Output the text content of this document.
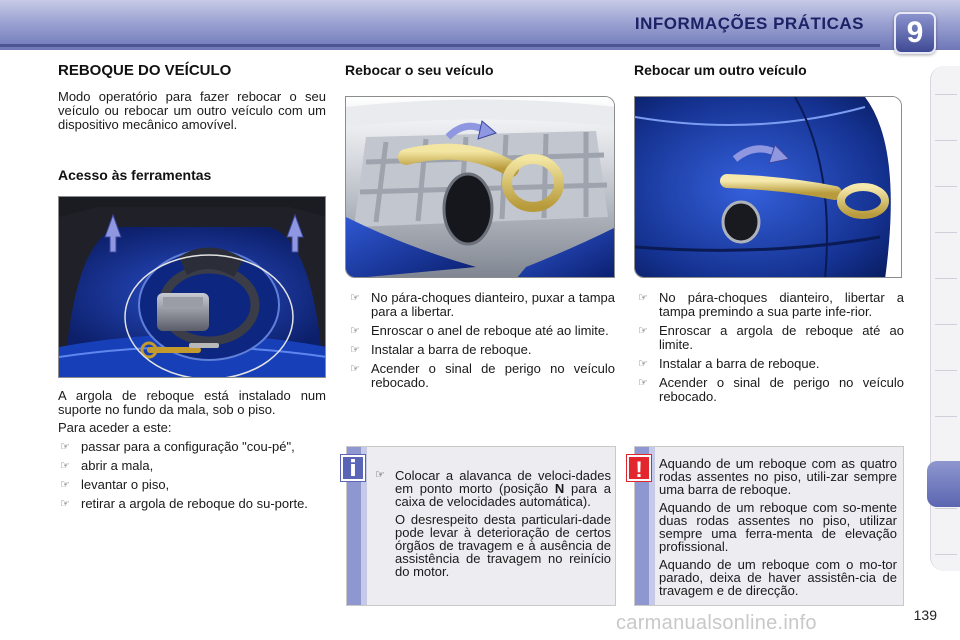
INFORMAÇÕES PRÁTICAS	9
REBOQUE DO VEÍCULO

Modo operatório para fazer rebocar o seu veículo ou rebocar um outro veículo com um dispositivo mecânico amovível.

Acesso às ferramentas

A argola de reboque está instalado num suporte no fundo da mala, sob o piso.

Para aceder a este:

☞ passar para a configuração "cou-pé",
☞ abrir a mala,
☞ levantar o piso,
☞ retirar a argola de reboque do su-porte.
Rebocar o seu veículo
☞ No pára-choques dianteiro, puxar a tampa para a libertar.
☞ Enroscar o anel de reboque até ao limite.
☞ Instalar a barra de reboque.
☞ Acender o sinal de perigo no veículo rebocado.

☞ Colocar a alavanca de veloci-dades em ponto morto (posição N para a caixa de velocidades automática).

O desrespeito desta particulari-dade pode levar à deterioração de certos órgãos de travagem e à ausência de assistência de travagem no reinício do motor.

i
Rebocar um outro veículo
☞ No pára-choques dianteiro, libertar a tampa premindo a sua parte infe-rior.
☞ Enroscar a argola de reboque até ao limite.
☞ Instalar a barra de reboque.
☞ Acender o sinal de perigo no veículo rebocado.

Aquando de um reboque com as quatro rodas assentes no piso, utili-zar sempre uma barra de reboque.

Aquando de um reboque com so-mente duas rodas assentes no piso, utilizar sempre uma ferra-menta de elevação profissional.

Aquando de um reboque com o mo-tor parado, deixa de haver assistên-cia de travagem e de direcção.

!
139
carmanualsonline.info
